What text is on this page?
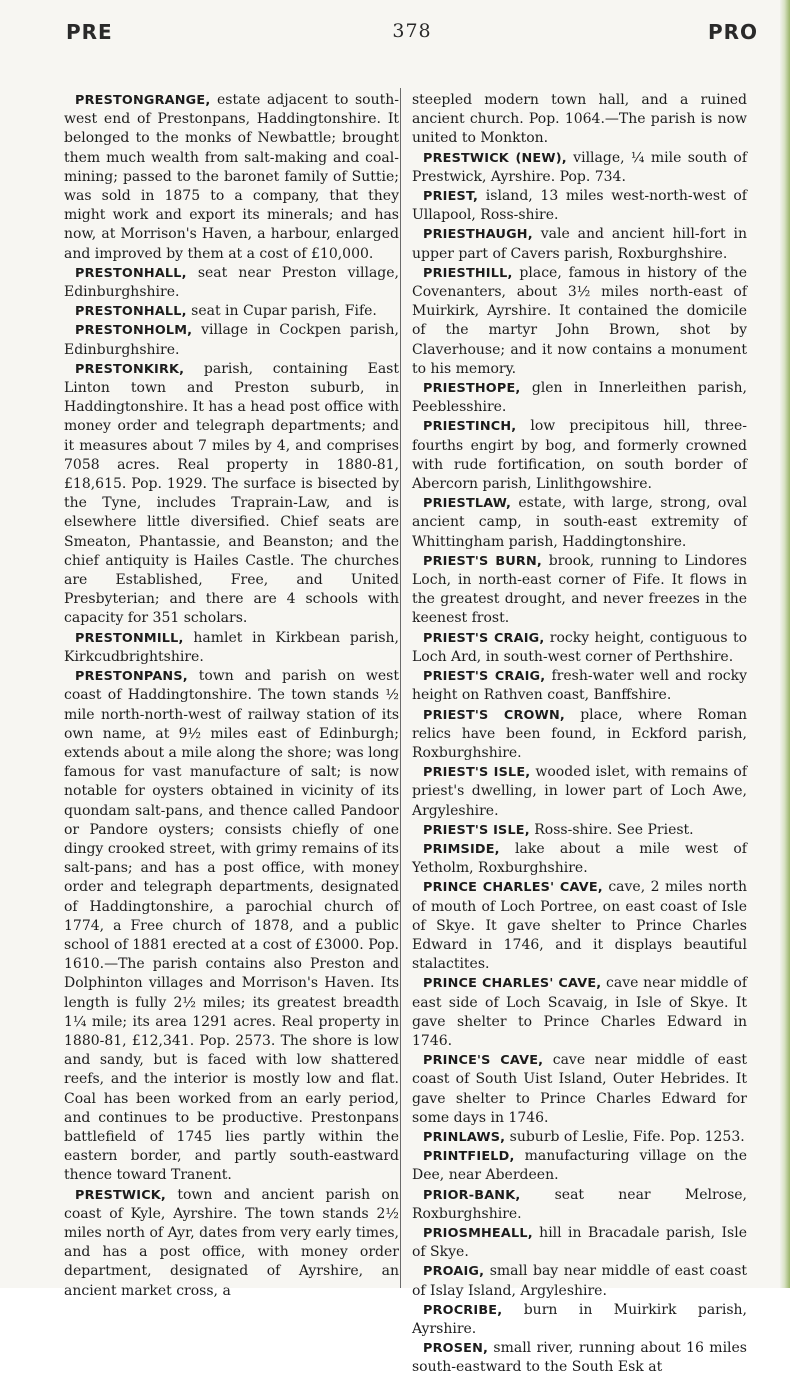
PRE	378	PRO

PRESTONGRANGE, estate adjacent to south-west end of Prestonpans, Haddingtonshire. It belonged to the monks of Newbattle; brought them much wealth from salt-making and coal-mining; passed to the baronet family of Suttie; was sold in 1875 to a company, that they might work and export its minerals; and has now, at Morrison's Haven, a harbour, enlarged and improved by them at a cost of £10,000.

PRESTONHALL, seat near Preston village, Edinburghshire.

PRESTONHALL, seat in Cupar parish, Fife.

PRESTONHOLM, village in Cockpen parish, Edinburghshire.

PRESTONKIRK, parish, containing East Linton town and Preston suburb, in Haddingtonshire. It has a head post office with money order and telegraph departments; and it measures about 7 miles by 4, and comprises 7058 acres. Real property in 1880-81, £18,615. Pop. 1929. The surface is bisected by the Tyne, includes Traprain-Law, and is elsewhere little diversified. Chief seats are Smeaton, Phantassie, and Beanston; and the chief antiquity is Hailes Castle. The churches are Established, Free, and United Presbyterian; and there are 4 schools with capacity for 351 scholars.

PRESTONMILL, hamlet in Kirkbean parish, Kirkcudbrightshire.

PRESTONPANS, town and parish on west coast of Haddingtonshire. The town stands ½ mile north-north-west of railway station of its own name, at 9½ miles east of Edinburgh; extends about a mile along the shore; was long famous for vast manufacture of salt; is now notable for oysters obtained in vicinity of its quondam salt-pans, and thence called Pandoor or Pandore oysters; consists chiefly of one dingy crooked street, with grimy remains of its salt-pans; and has a post office, with money order and telegraph departments, designated of Haddingtonshire, a parochial church of 1774, a Free church of 1878, and a public school of 1881 erected at a cost of £3000. Pop. 1610.—The parish contains also Preston and Dolphinton villages and Morrison's Haven. Its length is fully 2½ miles; its greatest breadth 1¼ mile; its area 1291 acres. Real property in 1880-81, £12,341. Pop. 2573. The shore is low and sandy, but is faced with low shattered reefs, and the interior is mostly low and flat. Coal has been worked from an early period, and continues to be productive. Prestonpans battlefield of 1745 lies partly within the eastern border, and partly south-eastward thence toward Tranent.

PRESTWICK, town and ancient parish on coast of Kyle, Ayrshire. The town stands 2½ miles north of Ayr, dates from very early times, and has a post office, with money order department, designated of Ayrshire, an ancient market cross, a

steepled modern town hall, and a ruined ancient church. Pop. 1064.—The parish is now united to Monkton.

PRESTWICK (NEW), village, ¼ mile south of Prestwick, Ayrshire. Pop. 734.

PRIEST, island, 13 miles west-north-west of Ullapool, Ross-shire.

PRIESTHAUGH, vale and ancient hill-fort in upper part of Cavers parish, Roxburghshire.

PRIESTHILL, place, famous in history of the Covenanters, about 3½ miles north-east of Muirkirk, Ayrshire. It contained the domicile of the martyr John Brown, shot by Claverhouse; and it now contains a monument to his memory.

PRIESTHOPE, glen in Innerleithen parish, Peeblesshire.

PRIESTINCH, low precipitous hill, three-fourths engirt by bog, and formerly crowned with rude fortification, on south border of Abercorn parish, Linlithgowshire.

PRIESTLAW, estate, with large, strong, oval ancient camp, in south-east extremity of Whittingham parish, Haddingtonshire.

PRIEST'S BURN, brook, running to Lindores Loch, in north-east corner of Fife. It flows in the greatest drought, and never freezes in the keenest frost.

PRIEST'S CRAIG, rocky height, contiguous to Loch Ard, in south-west corner of Perthshire.

PRIEST'S CRAIG, fresh-water well and rocky height on Rathven coast, Banffshire.

PRIEST'S CROWN, place, where Roman relics have been found, in Eckford parish, Roxburghshire.

PRIEST'S ISLE, wooded islet, with remains of priest's dwelling, in lower part of Loch Awe, Argyleshire.

PRIEST'S ISLE, Ross-shire. See Priest.

PRIMSIDE, lake about a mile west of Yetholm, Roxburghshire.

PRINCE CHARLES' CAVE, cave, 2 miles north of mouth of Loch Portree, on east coast of Isle of Skye. It gave shelter to Prince Charles Edward in 1746, and it displays beautiful stalactites.

PRINCE CHARLES' CAVE, cave near middle of east side of Loch Scavaig, in Isle of Skye. It gave shelter to Prince Charles Edward in 1746.

PRINCE'S CAVE, cave near middle of east coast of South Uist Island, Outer Hebrides. It gave shelter to Prince Charles Edward for some days in 1746.

PRINLAWS, suburb of Leslie, Fife. Pop. 1253.

PRINTFIELD, manufacturing village on the Dee, near Aberdeen.

PRIOR-BANK, seat near Melrose, Roxburghshire.

PRIOSMHEALL, hill in Bracadale parish, Isle of Skye.

PROAIG, small bay near middle of east coast of Islay Island, Argyleshire.

PROCRIBE, burn in Muirkirk parish, Ayrshire.

PROSEN, small river, running about 16 miles south-eastward to the South Esk at
